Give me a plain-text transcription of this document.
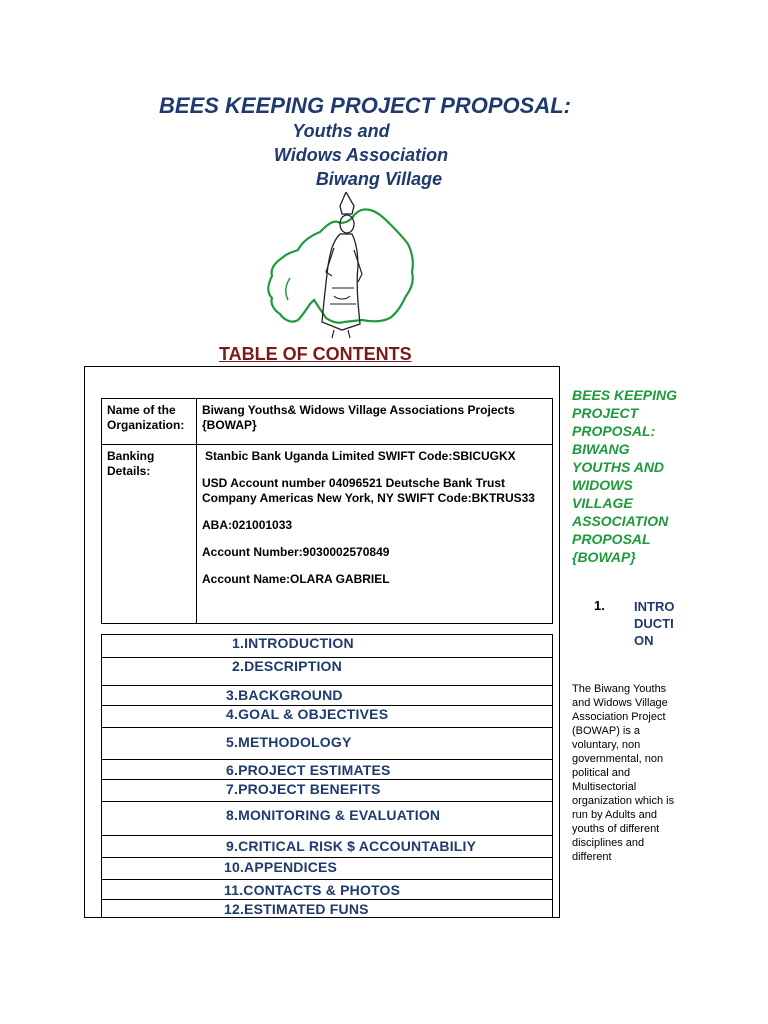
BEES KEEPING PROJECT PROPOSAL:
Youths and
Widows Association
Biwang Village
TABLE OF CONTENTS
Name of the Organization:	Biwang Youths& Widows Village Associations Projects {BOWAP}
Banking Details:	Stanbic Bank Uganda Limited SWIFT Code:SBICUGKX

USD Account number 04096521 Deutsche Bank Trust Company Americas New York, NY SWIFT Code:BKTRUS33

ABA:021001033

Account Number:9030002570849

Account Name:OLARA GABRIEL

1.INTRODUCTION
2.DESCRIPTION
3.BACKGROUND
4.GOAL & OBJECTIVES
5.METHODOLOGY
6.PROJECT ESTIMATES
7.PROJECT BENEFITS
8.MONITORING & EVALUATION
9.CRITICAL RISK $ ACCOUNTABILIY
10.APPENDICES
11.CONTACTS & PHOTOS
12.ESTIMATED FUNS

BEES KEEPING PROJECT PROPOSAL: BIWANG YOUTHS AND WIDOWS VILLAGE ASSOCIATION PROPOSAL {BOWAP}

1. INTRODUCTION

The Biwang Youths and Widows Village Association Project (BOWAP) is a voluntary, non governmental, non political and Multisectorial organization which is run by Adults and youths of different disciplines and different
